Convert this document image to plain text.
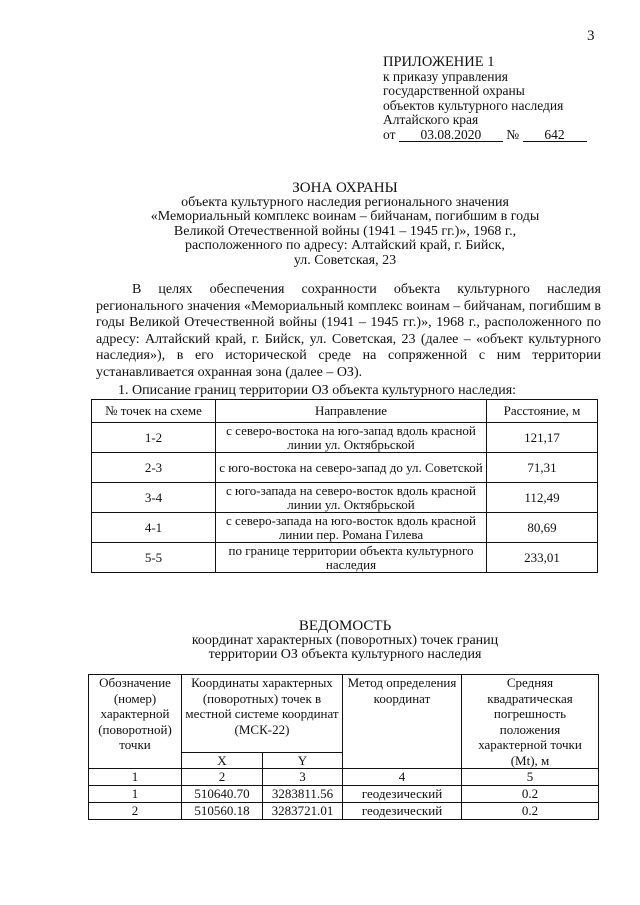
3
ПРИЛОЖЕНИЕ 1
к приказу управления
государственной охраны
объектов культурного наследия
Алтайского края
от 03.08.2020 № 642
ЗОНА ОХРАНЫ
объекта культурного наследия регионального значения
«Мемориальный комплекс воинам – бийчанам, погибшим в годы
Великой Отечественной войны (1941 – 1945 гг.)», 1968 г.,
расположенного по адресу: Алтайский край, г. Бийск,
ул. Советская, 23

В целях обеспечения сохранности объекта культурного наследия регионального значения «Мемориальный комплекс воинам – бийчанам, погибшим в годы Великой Отечественной войны (1941 – 1945 гг.)», 1968 г., расположенного по адресу: Алтайский край, г. Бийск, ул. Советская, 23 (далее – «объект культурного наследия»), в его исторической среде на сопряженной с ним территории устанавливается охранная зона (далее – ОЗ).

1. Описание границ территории ОЗ объекта культурного наследия:
№ точек на схеме	Направление	Расстояние, м
1-2	с северо-востока на юго-запад вдоль красной линии ул. Октябрьской	121,17
2-3	с юго-востока на северо-запад до ул. Советской	71,31
3-4	с юго-запада на северо-восток вдоль красной линии ул. Октябрьской	112,49
4-1	с северо-запада на юго-восток вдоль красной линии пер. Романа Гилева	80,69
5-5	по границе территории объекта культурного наследия	233,01
ВЕДОМОСТЬ
координат характерных (поворотных) точек границ
территории ОЗ объекта культурного наследия
Обозначение (номер) характерной (поворотной) точки	Координаты характерных (поворотных) точек в местной системе координат (МСК-22)		Метод определения координат	Средняя квадратическая погрешность положения характерной точки (Mt), м
	X	Y		
1	2	3	4	5
1	510640.70	3283811.56	геодезический	0.2
2	510560.18	3283721.01	геодезический	0.2
